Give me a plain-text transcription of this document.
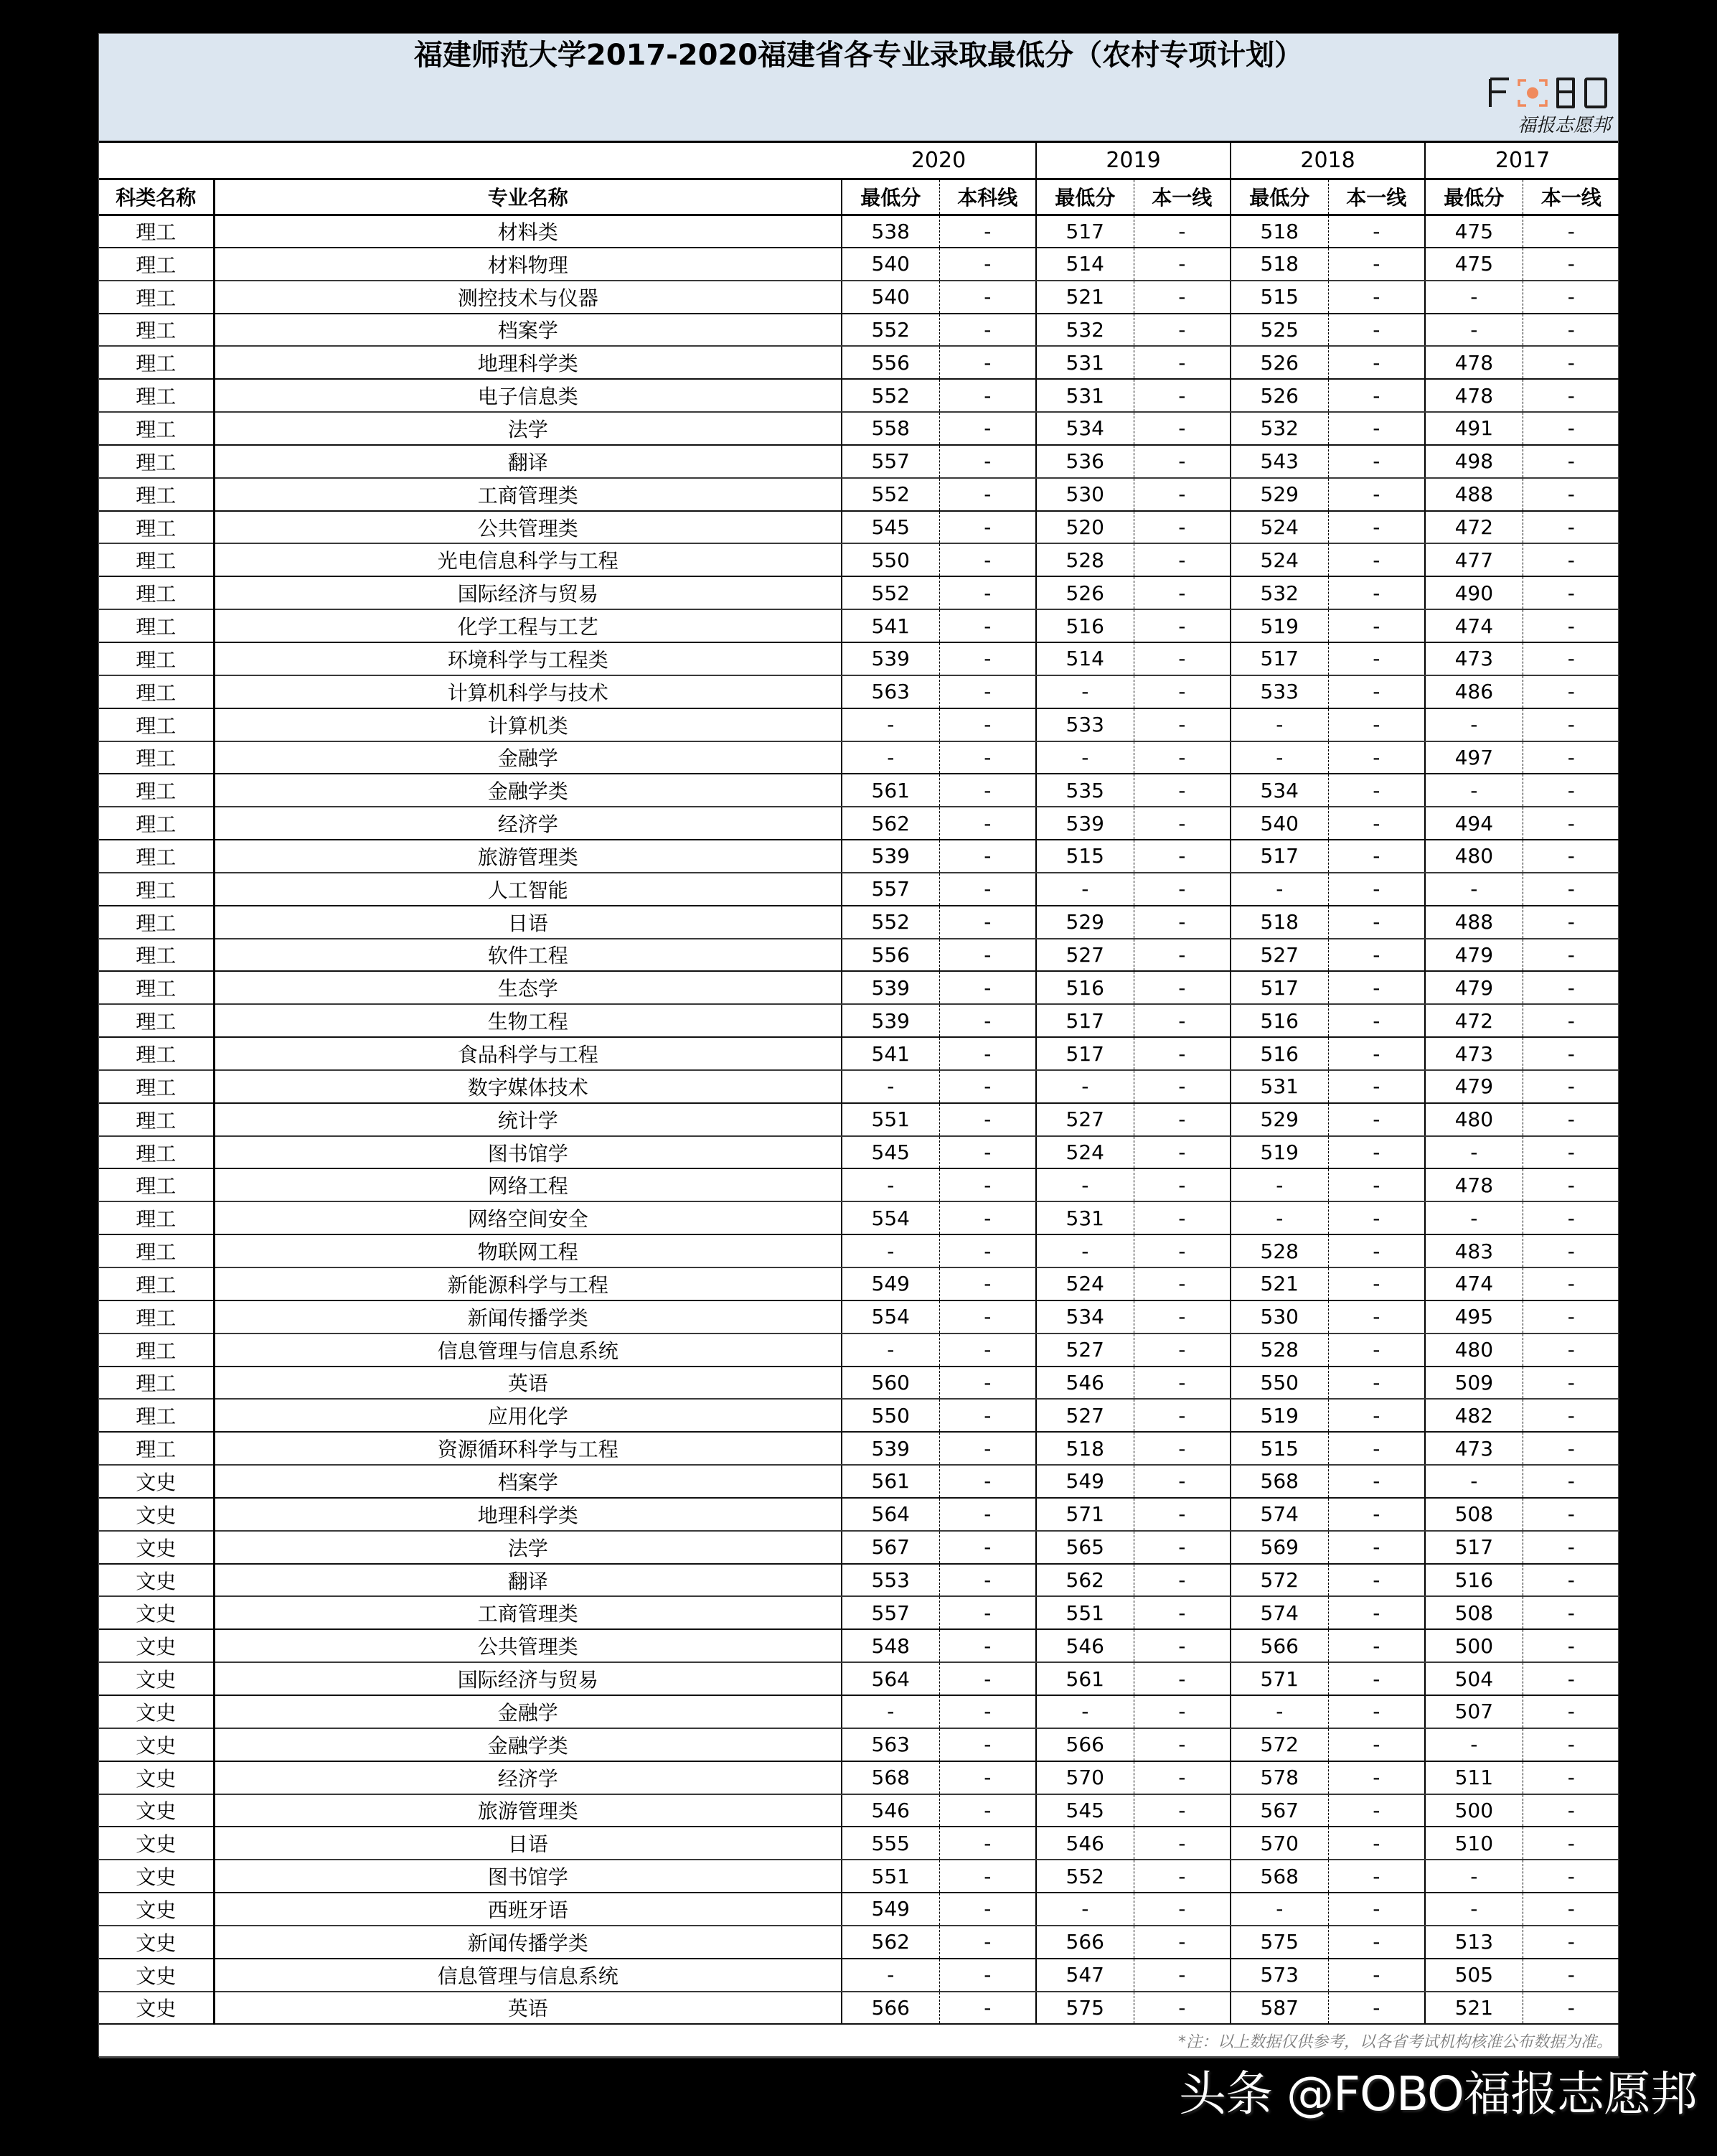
福建师范大学2017-2020福建省各专业录取最低分（农村专项计划）
福报志愿邦
		2020		2019		2018		2017	
科类名称	专业名称	最低分	本科线	最低分	本一线	最低分	本一线	最低分	本一线
理工	材料类	538	-	517	-	518	-	475	-
理工	材料物理	540	-	514	-	518	-	475	-
理工	测控技术与仪器	540	-	521	-	515	-	-	-
理工	档案学	552	-	532	-	525	-	-	-
理工	地理科学类	556	-	531	-	526	-	478	-
理工	电子信息类	552	-	531	-	526	-	478	-
理工	法学	558	-	534	-	532	-	491	-
理工	翻译	557	-	536	-	543	-	498	-
理工	工商管理类	552	-	530	-	529	-	488	-
理工	公共管理类	545	-	520	-	524	-	472	-
理工	光电信息科学与工程	550	-	528	-	524	-	477	-
理工	国际经济与贸易	552	-	526	-	532	-	490	-
理工	化学工程与工艺	541	-	516	-	519	-	474	-
理工	环境科学与工程类	539	-	514	-	517	-	473	-
理工	计算机科学与技术	563	-	-	-	533	-	486	-
理工	计算机类	-	-	533	-	-	-	-	-
理工	金融学	-	-	-	-	-	-	497	-
理工	金融学类	561	-	535	-	534	-	-	-
理工	经济学	562	-	539	-	540	-	494	-
理工	旅游管理类	539	-	515	-	517	-	480	-
理工	人工智能	557	-	-	-	-	-	-	-
理工	日语	552	-	529	-	518	-	488	-
理工	软件工程	556	-	527	-	527	-	479	-
理工	生态学	539	-	516	-	517	-	479	-
理工	生物工程	539	-	517	-	516	-	472	-
理工	食品科学与工程	541	-	517	-	516	-	473	-
理工	数字媒体技术	-	-	-	-	531	-	479	-
理工	统计学	551	-	527	-	529	-	480	-
理工	图书馆学	545	-	524	-	519	-	-	-
理工	网络工程	-	-	-	-	-	-	478	-
理工	网络空间安全	554	-	531	-	-	-	-	-
理工	物联网工程	-	-	-	-	528	-	483	-
理工	新能源科学与工程	549	-	524	-	521	-	474	-
理工	新闻传播学类	554	-	534	-	530	-	495	-
理工	信息管理与信息系统	-	-	527	-	528	-	480	-
理工	英语	560	-	546	-	550	-	509	-
理工	应用化学	550	-	527	-	519	-	482	-
理工	资源循环科学与工程	539	-	518	-	515	-	473	-
文史	档案学	561	-	549	-	568	-	-	-
文史	地理科学类	564	-	571	-	574	-	508	-
文史	法学	567	-	565	-	569	-	517	-
文史	翻译	553	-	562	-	572	-	516	-
文史	工商管理类	557	-	551	-	574	-	508	-
文史	公共管理类	548	-	546	-	566	-	500	-
文史	国际经济与贸易	564	-	561	-	571	-	504	-
文史	金融学	-	-	-	-	-	-	507	-
文史	金融学类	563	-	566	-	572	-	-	-
文史	经济学	568	-	570	-	578	-	511	-
文史	旅游管理类	546	-	545	-	567	-	500	-
文史	日语	555	-	546	-	570	-	510	-
文史	图书馆学	551	-	552	-	568	-	-	-
文史	西班牙语	549	-	-	-	-	-	-	-
文史	新闻传播学类	562	-	566	-	575	-	513	-
文史	信息管理与信息系统	-	-	547	-	573	-	505	-
文史	英语	566	-	575	-	587	-	521	-
*注：以上数据仅供参考，以各省考试机构核准公布数据为准。									
头条 @FOBO福报志愿邦
